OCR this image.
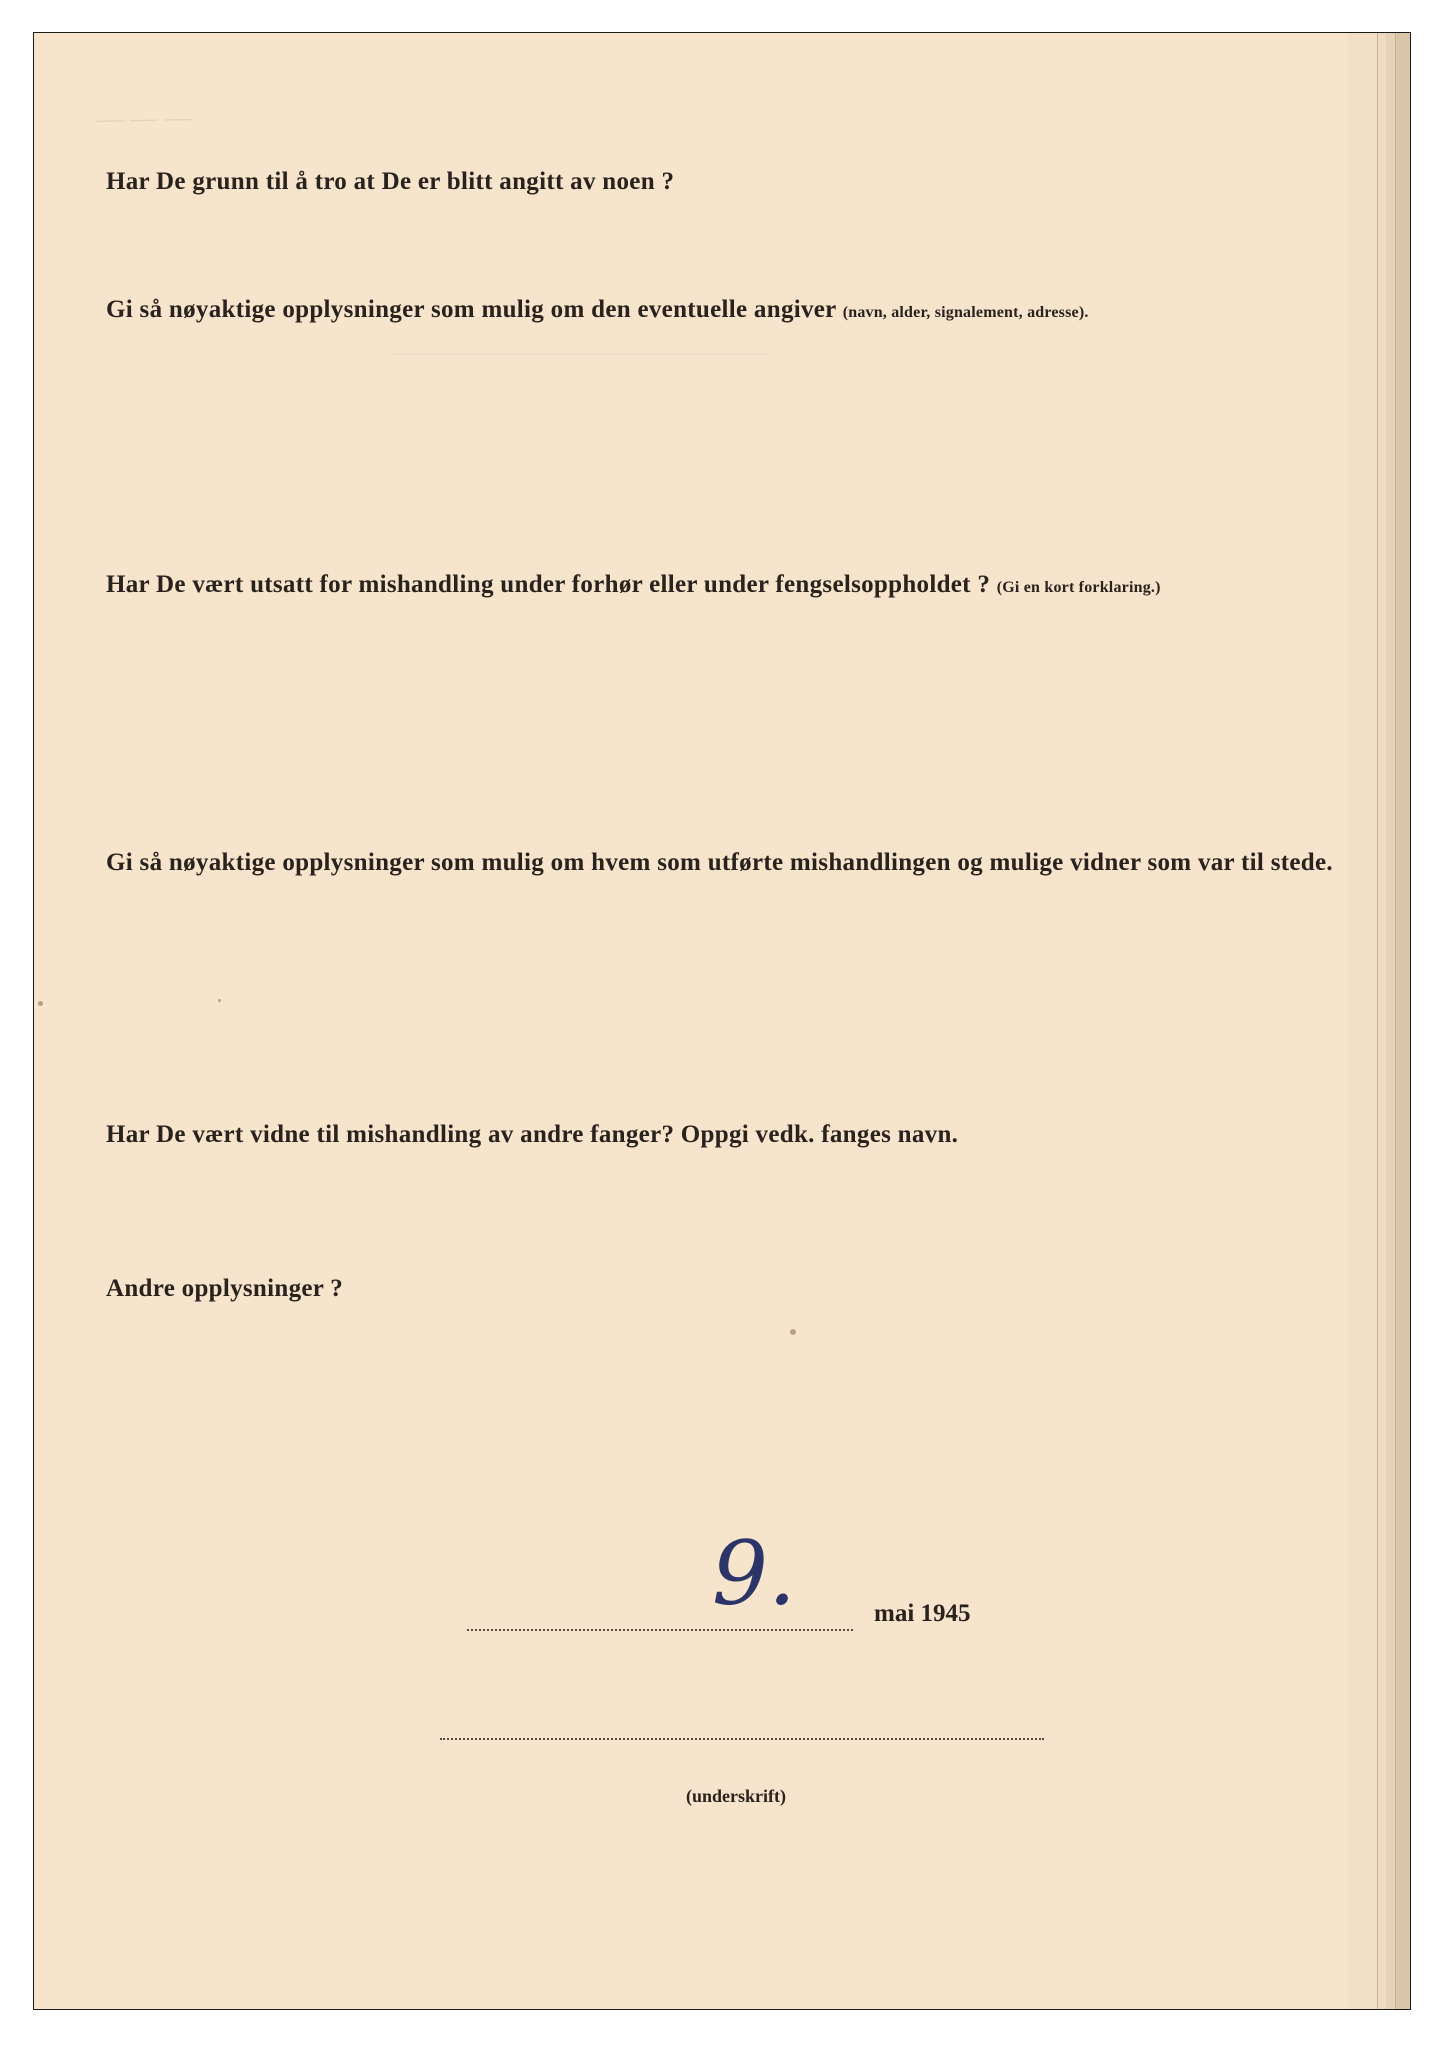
— — —
———————————

Har De grunn til å tro at De er blitt angitt av noen ?

Gi så nøyaktige opplysninger som mulig om den eventuelle angiver (navn, alder, signalement, adresse).

Har De vært utsatt for mishandling under forhør eller under fengselsoppholdet ? (Gi en kort forklaring.)

Gi så nøyaktige opplysninger som mulig om hvem som utførte mishandlingen og mulige vidner som var til stede.

Har De vært vidne til mishandling av andre fanger? Oppgi vedk. fanges navn.

Andre opplysninger ?

9.	mai 1945
(underskrift)
